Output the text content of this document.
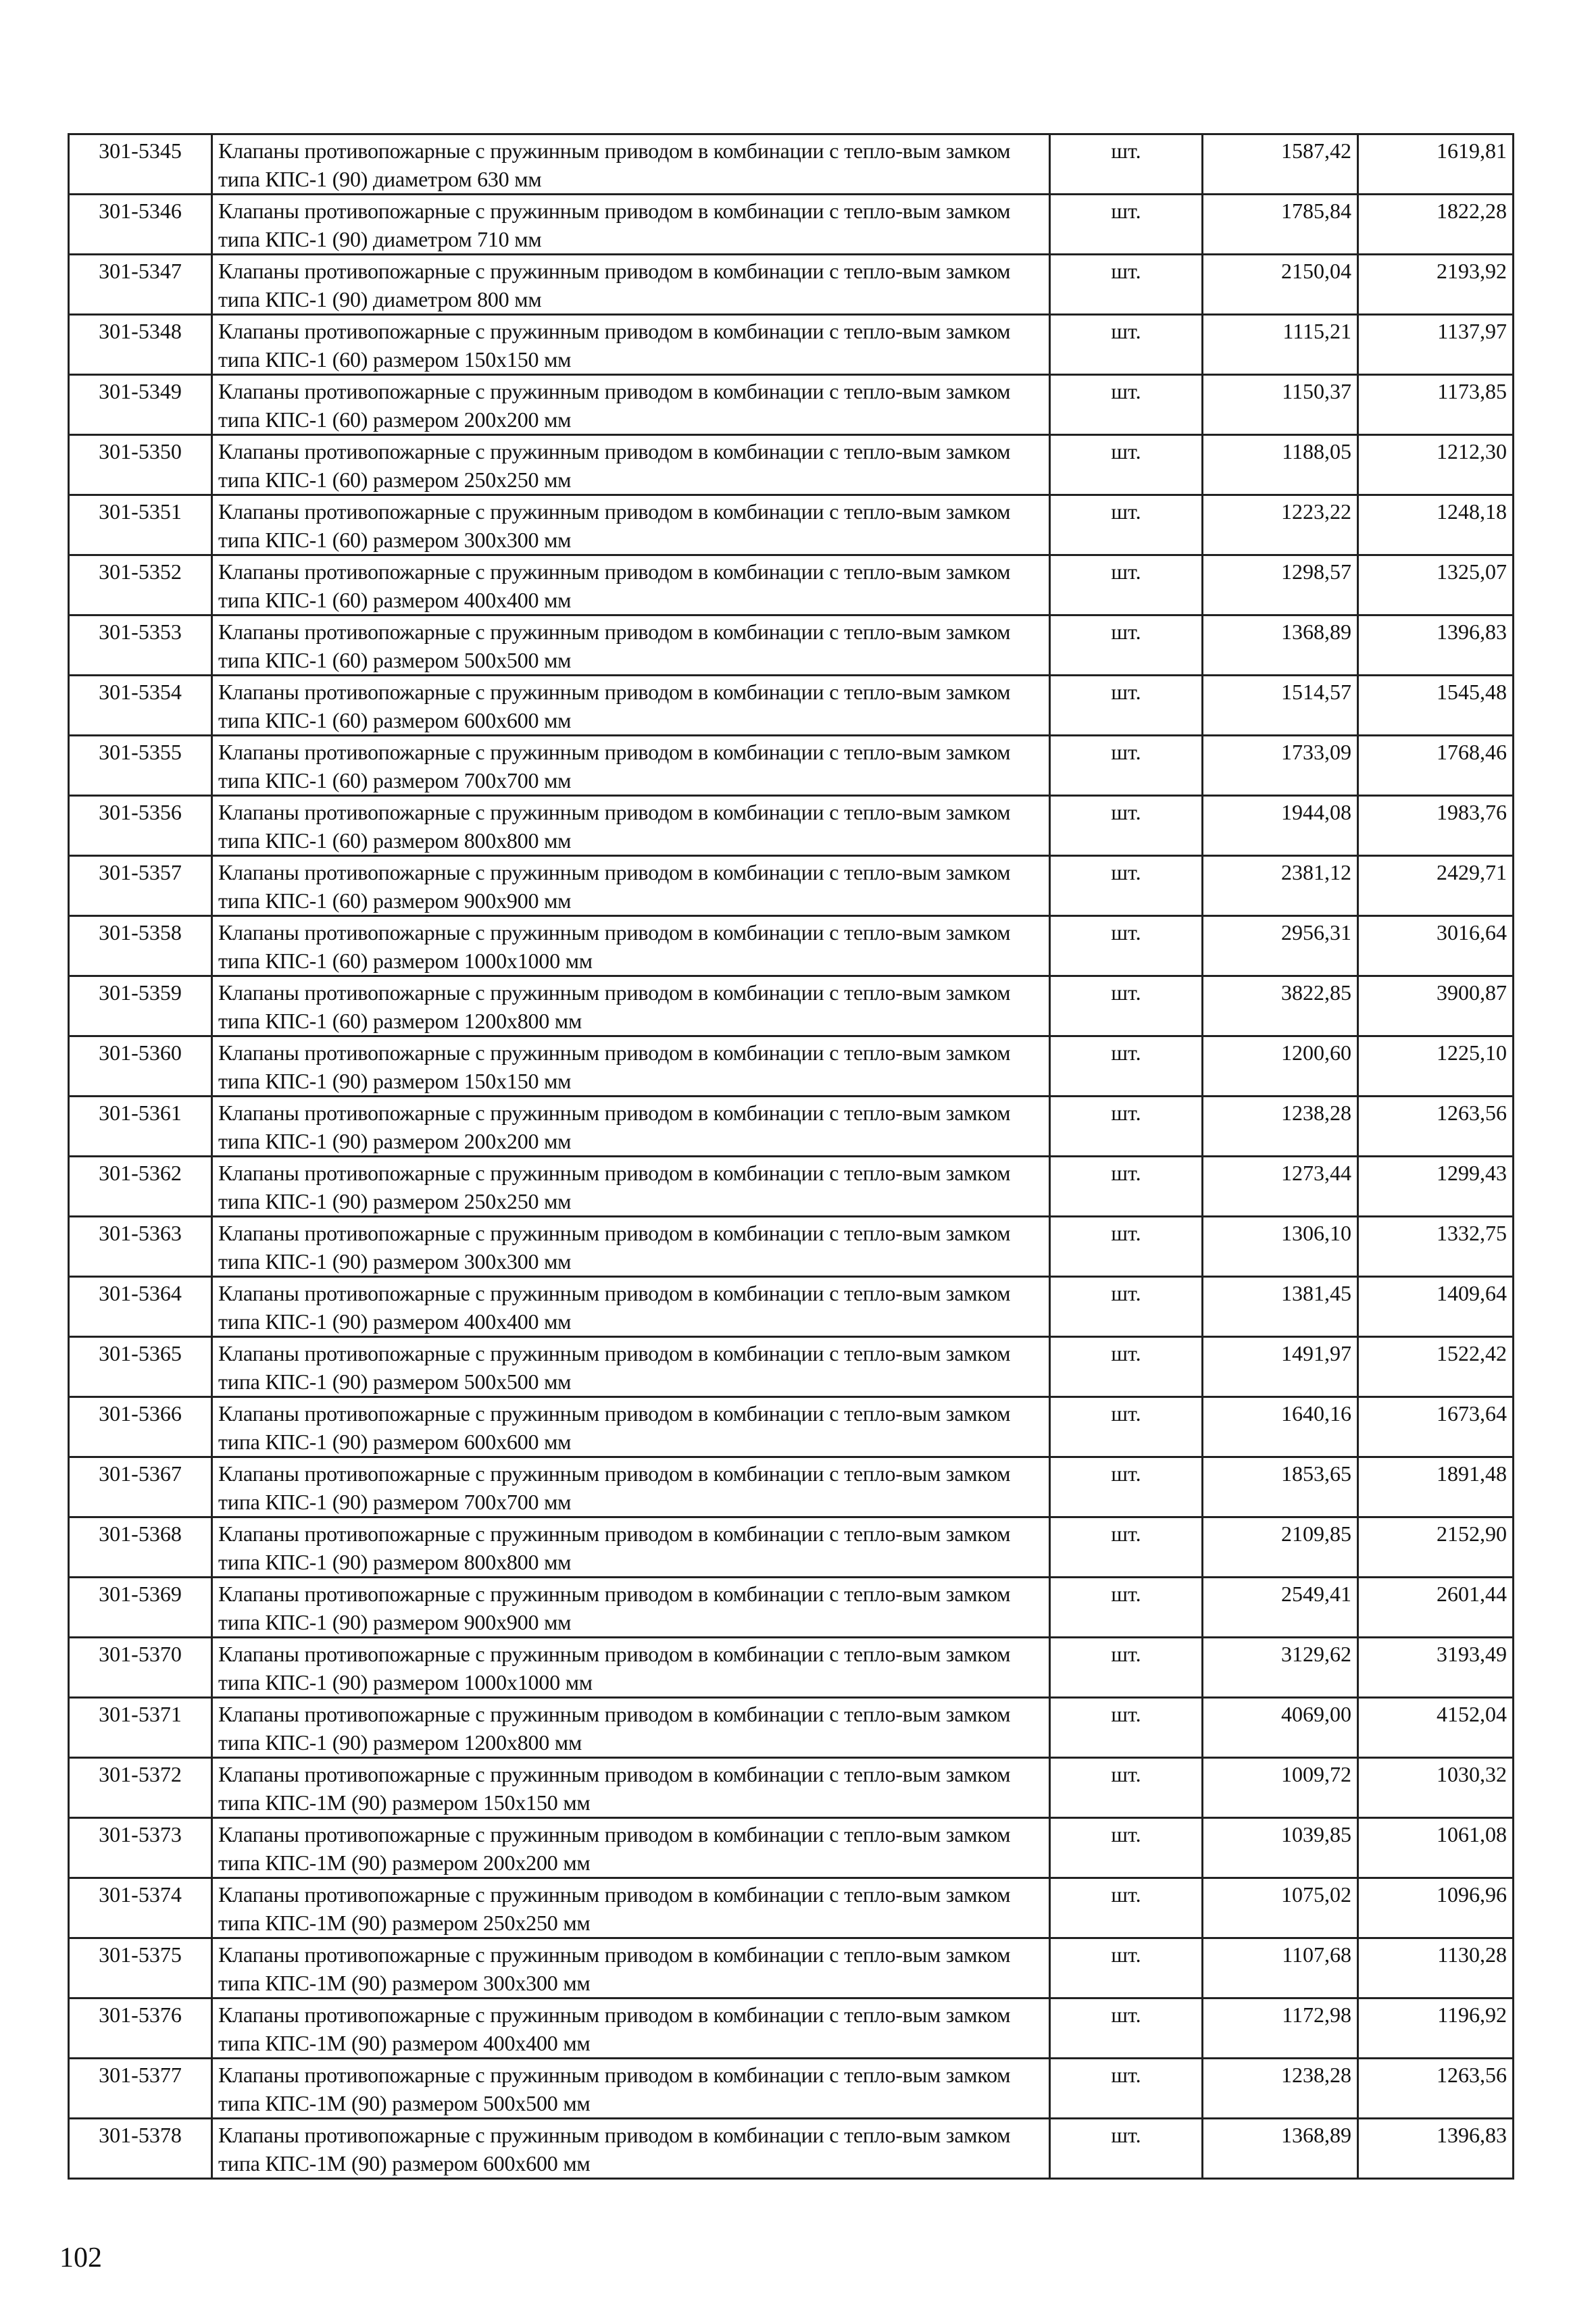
301-5345	Клапаны противопожарные с пружинным приводом в комбинации с тепло-вым замком типа КПС-1 (90) диаметром 630 мм	шт.	1587,42	1619,81
301-5346	Клапаны противопожарные с пружинным приводом в комбинации с тепло-вым замком типа КПС-1 (90) диаметром 710 мм	шт.	1785,84	1822,28
301-5347	Клапаны противопожарные с пружинным приводом в комбинации с тепло-вым замком типа КПС-1 (90) диаметром 800 мм	шт.	2150,04	2193,92
301-5348	Клапаны противопожарные с пружинным приводом в комбинации с тепло-вым замком типа КПС-1 (60) размером 150x150 мм	шт.	1115,21	1137,97
301-5349	Клапаны противопожарные с пружинным приводом в комбинации с тепло-вым замком типа КПС-1 (60) размером 200x200 мм	шт.	1150,37	1173,85
301-5350	Клапаны противопожарные с пружинным приводом в комбинации с тепло-вым замком типа КПС-1 (60) размером 250x250 мм	шт.	1188,05	1212,30
301-5351	Клапаны противопожарные с пружинным приводом в комбинации с тепло-вым замком типа КПС-1 (60) размером 300x300 мм	шт.	1223,22	1248,18
301-5352	Клапаны противопожарные с пружинным приводом в комбинации с тепло-вым замком типа КПС-1 (60) размером 400x400 мм	шт.	1298,57	1325,07
301-5353	Клапаны противопожарные с пружинным приводом в комбинации с тепло-вым замком типа КПС-1 (60) размером 500x500 мм	шт.	1368,89	1396,83
301-5354	Клапаны противопожарные с пружинным приводом в комбинации с тепло-вым замком типа КПС-1 (60) размером 600x600 мм	шт.	1514,57	1545,48
301-5355	Клапаны противопожарные с пружинным приводом в комбинации с тепло-вым замком типа КПС-1 (60) размером 700x700 мм	шт.	1733,09	1768,46
301-5356	Клапаны противопожарные с пружинным приводом в комбинации с тепло-вым замком типа КПС-1 (60) размером 800x800 мм	шт.	1944,08	1983,76
301-5357	Клапаны противопожарные с пружинным приводом в комбинации с тепло-вым замком типа КПС-1 (60) размером 900x900 мм	шт.	2381,12	2429,71
301-5358	Клапаны противопожарные с пружинным приводом в комбинации с тепло-вым замком типа КПС-1 (60) размером 1000x1000 мм	шт.	2956,31	3016,64
301-5359	Клапаны противопожарные с пружинным приводом в комбинации с тепло-вым замком типа КПС-1 (60) размером 1200x800 мм	шт.	3822,85	3900,87
301-5360	Клапаны противопожарные с пружинным приводом в комбинации с тепло-вым замком типа КПС-1 (90) размером 150x150 мм	шт.	1200,60	1225,10
301-5361	Клапаны противопожарные с пружинным приводом в комбинации с тепло-вым замком типа КПС-1 (90) размером 200x200 мм	шт.	1238,28	1263,56
301-5362	Клапаны противопожарные с пружинным приводом в комбинации с тепло-вым замком типа КПС-1 (90) размером 250x250 мм	шт.	1273,44	1299,43
301-5363	Клапаны противопожарные с пружинным приводом в комбинации с тепло-вым замком типа КПС-1 (90) размером 300x300 мм	шт.	1306,10	1332,75
301-5364	Клапаны противопожарные с пружинным приводом в комбинации с тепло-вым замком типа КПС-1 (90) размером 400x400 мм	шт.	1381,45	1409,64
301-5365	Клапаны противопожарные с пружинным приводом в комбинации с тепло-вым замком типа КПС-1 (90) размером 500x500 мм	шт.	1491,97	1522,42
301-5366	Клапаны противопожарные с пружинным приводом в комбинации с тепло-вым замком типа КПС-1 (90) размером 600x600 мм	шт.	1640,16	1673,64
301-5367	Клапаны противопожарные с пружинным приводом в комбинации с тепло-вым замком типа КПС-1 (90) размером 700x700 мм	шт.	1853,65	1891,48
301-5368	Клапаны противопожарные с пружинным приводом в комбинации с тепло-вым замком типа КПС-1 (90) размером 800x800 мм	шт.	2109,85	2152,90
301-5369	Клапаны противопожарные с пружинным приводом в комбинации с тепло-вым замком типа КПС-1 (90) размером 900x900 мм	шт.	2549,41	2601,44
301-5370	Клапаны противопожарные с пружинным приводом в комбинации с тепло-вым замком типа КПС-1 (90) размером 1000x1000 мм	шт.	3129,62	3193,49
301-5371	Клапаны противопожарные с пружинным приводом в комбинации с тепло-вым замком типа КПС-1 (90) размером 1200x800 мм	шт.	4069,00	4152,04
301-5372	Клапаны противопожарные с пружинным приводом в комбинации с тепло-вым замком типа КПС-1М (90) размером 150x150 мм	шт.	1009,72	1030,32
301-5373	Клапаны противопожарные с пружинным приводом в комбинации с тепло-вым замком типа КПС-1М (90) размером 200x200 мм	шт.	1039,85	1061,08
301-5374	Клапаны противопожарные с пружинным приводом в комбинации с тепло-вым замком типа КПС-1М (90) размером 250x250 мм	шт.	1075,02	1096,96
301-5375	Клапаны противопожарные с пружинным приводом в комбинации с тепло-вым замком типа КПС-1М (90) размером 300x300 мм	шт.	1107,68	1130,28
301-5376	Клапаны противопожарные с пружинным приводом в комбинации с тепло-вым замком типа КПС-1М (90) размером 400x400 мм	шт.	1172,98	1196,92
301-5377	Клапаны противопожарные с пружинным приводом в комбинации с тепло-вым замком типа КПС-1М (90) размером 500x500 мм	шт.	1238,28	1263,56
301-5378	Клапаны противопожарные с пружинным приводом в комбинации с тепло-вым замком типа КПС-1М (90) размером 600x600 мм	шт.	1368,89	1396,83
102
